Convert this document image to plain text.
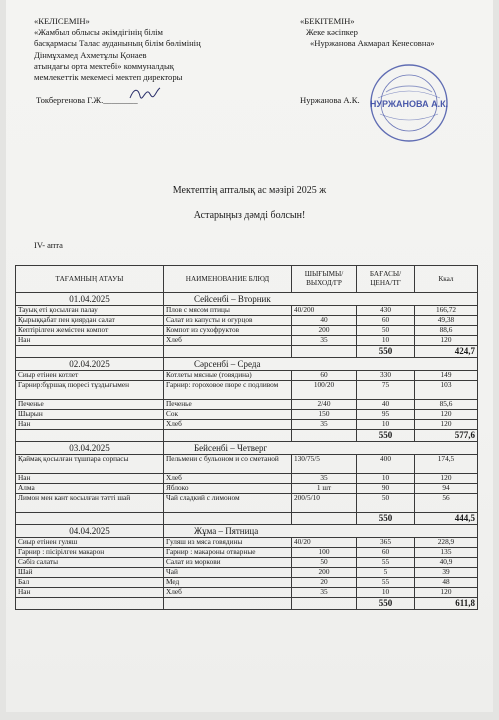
«КЕЛІСЕМІН»
«Жамбыл облысы әкімдігінің білім
басқармасы Талас ауданының білім бөлімінің
Дінмұхамед Ахметұлы Қонаев
атындағы орта мектебі» коммуналдық
мемлекеттік мекемесі мектеп директоры
Токбергенова Г.Ж.________
«БЕКІТЕМІН»
Жеке кәсіпкер
«Нуржанова Акмарал Кенесовна»
Нуржанова А.К. НУРЖАНОВА А.К.
Мектептің апталық ас мәзірі 2025 ж
Астарыңыз дәмді болсын!
IV- апта
ТАҒАМНЫҢ АТАУЫ	НАИМЕНОВАНИЕ БЛЮД	ШЫҒЫМЫ/ ВЫХОД/ГР	БАҒАСЫ/ ЦЕНА/ТГ	Ккал
01.04.2025	Сейсенбі – Вторник			
Тауық еті қосылған палау	Плов с мясом птицы	40/200	430	166,72
Қырыққабат пен қиярдан салат	Салат из капусты и огурцов	40	60	49,38
Кептірілген жемістен компот	Компот из сухофруктов	200	50	88,6
Нан	Хлеб	35	10	120
			550	424,7
02.04.2025	Сәрсенбі – Среда			
Сиыр етінен котлет	Котлеты мясные (говядина)	60	330	149
Гарнир:бұршақ пюресі тұздығымен	Гарнир: гороховое пюре с подливом	100/20	75	103
Печенье	Печенье	2/40	40	85,6
Шырын	Сок	150	95	120
Нан	Хлеб	35	10	120
			550	577,6
03.04.2025	Бейсенбі – Четверг			
Қаймақ қосылған тұшпара сорпасы	Пельмени с бульоном и со сметаной	130/75/5	400	174,5
Нан	Хлеб	35	10	120
Алма	Яблоко	1 шт	90	94
Лимон мен кант косылған тәтті шай	Чай сладкий с лимоном	200/5/10	50	56
			550	444,5
04.04.2025	Жұма – Пятница			
Сиыр етінен гуляш	Гуляш из мяса говядины	40/20	365	228,9
Гарнир : пісірілген макарон	Гарнир : макароны отварные	100	60	135
Сәбіз салаты	Салат из моркови	50	55	40,9
Шай	Чай	200	5	39
Бал	Мед	20	55	48
Нан	Хлеб	35	10	120
			550	611,8
